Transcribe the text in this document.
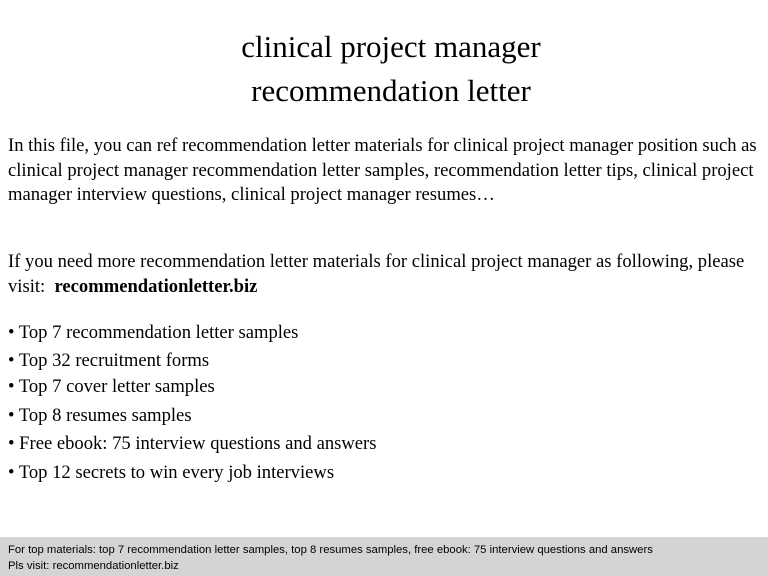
clinical project manager
recommendation letter

In this file, you can ref recommendation letter materials for clinical project manager position such as clinical project manager recommendation letter samples, recommendation letter tips, clinical project manager interview questions, clinical project manager resumes…

If you need more recommendation letter materials for clinical project manager as following, please visit: recommendationletter.biz

• Top 7 recommendation letter samples
• Top 32 recruitment forms
• Top 7 cover letter samples
• Top 8 resumes samples
• Free ebook: 75 interview questions and answers
• Top 12 secrets to win every job interviews
For top materials: top 7 recommendation letter samples, top 8 resumes samples, free ebook: 75 interview questions and answers
Pls visit: recommendationletter.biz
